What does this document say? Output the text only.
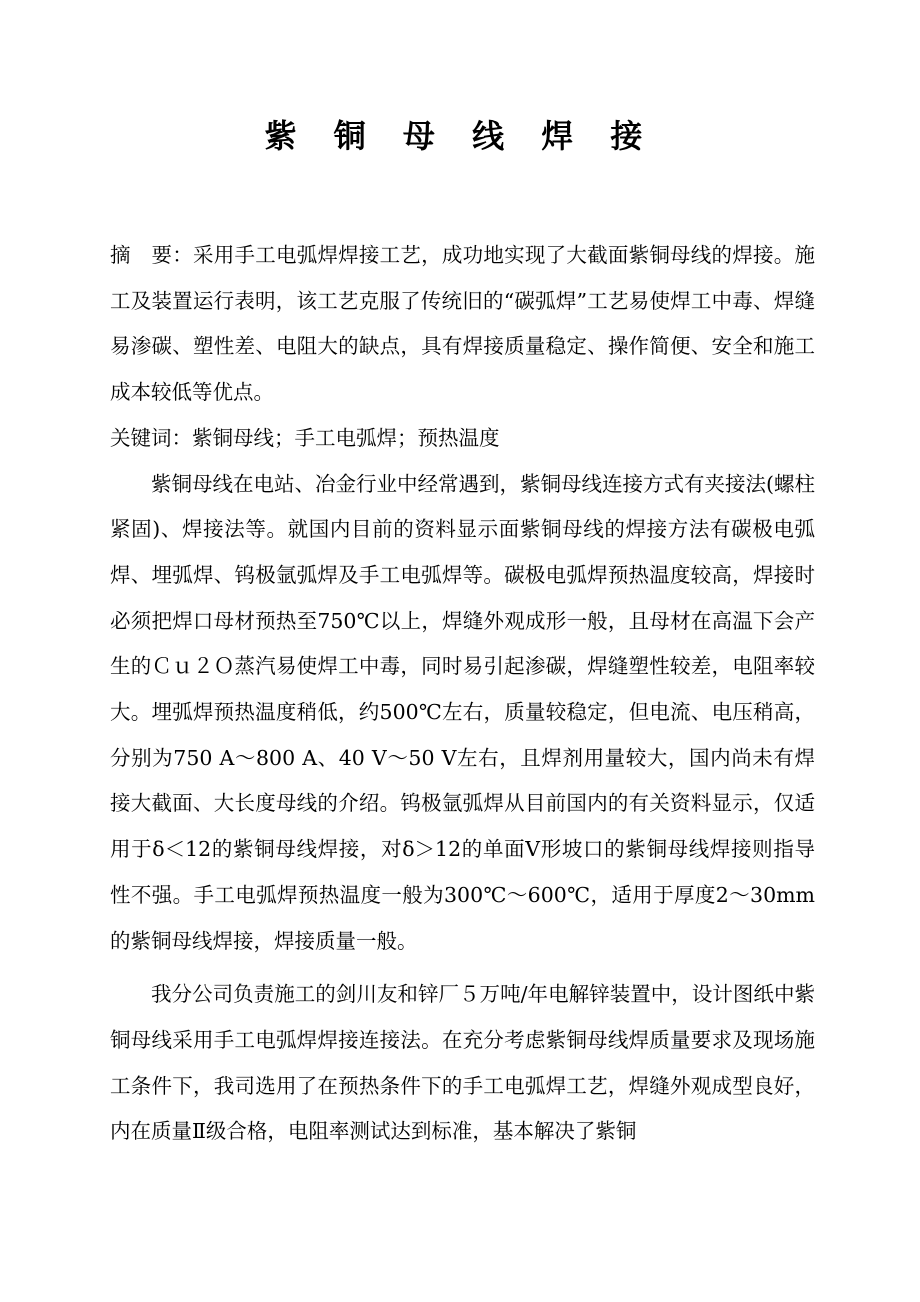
紫 铜 母 线 焊 接

摘　要：采用手工电弧焊焊接工艺，成功地实现了大截面紫铜母线的焊接。施工及装置运行表明，该工艺克服了传统旧的“碳弧焊”工艺易使焊工中毒、焊缝易渗碳、塑性差、电阻大的缺点，具有焊接质量稳定、操作简便、安全和施工成本较低等优点。

关键词：紫铜母线；手工电弧焊；预热温度

紫铜母线在电站、冶金行业中经常遇到，紫铜母线连接方式有夹接法(螺柱紧固)、焊接法等。就国内目前的资料显示面紫铜母线的焊接方法有碳极电弧焊、埋弧焊、钨极氩弧焊及手工电弧焊等。碳极电弧焊预热温度较高，焊接时必须把焊口母材预热至750℃以上，焊缝外观成形一般，且母材在高温下会产生的Ｃｕ２Ｏ蒸汽易使焊工中毒，同时易引起渗碳，焊缝塑性较差，电阻率较大。埋弧焊预热温度稍低，约500℃左右，质量较稳定，但电流、电压稍高，分别为750 A～800 A、40 V～50 V左右，且焊剂用量较大，国内尚未有焊接大截面、大长度母线的介绍。钨极氩弧焊从目前国内的有关资料显示，仅适用于δ＜12的紫铜母线焊接，对δ＞12的单面V形坡口的紫铜母线焊接则指导性不强。手工电弧焊预热温度一般为300℃～600℃，适用于厚度2～30mm的紫铜母线焊接，焊接质量一般。

我分公司负责施工的剑川友和锌厂５万吨/年电解锌装置中，设计图纸中紫铜母线采用手工电弧焊焊接连接法。在充分考虑紫铜母线焊质量要求及现场施工条件下，我司选用了在预热条件下的手工电弧焊工艺，焊缝外观成型良好，内在质量Ⅱ级合格，电阻率测试达到标准，基本解决了紫铜
